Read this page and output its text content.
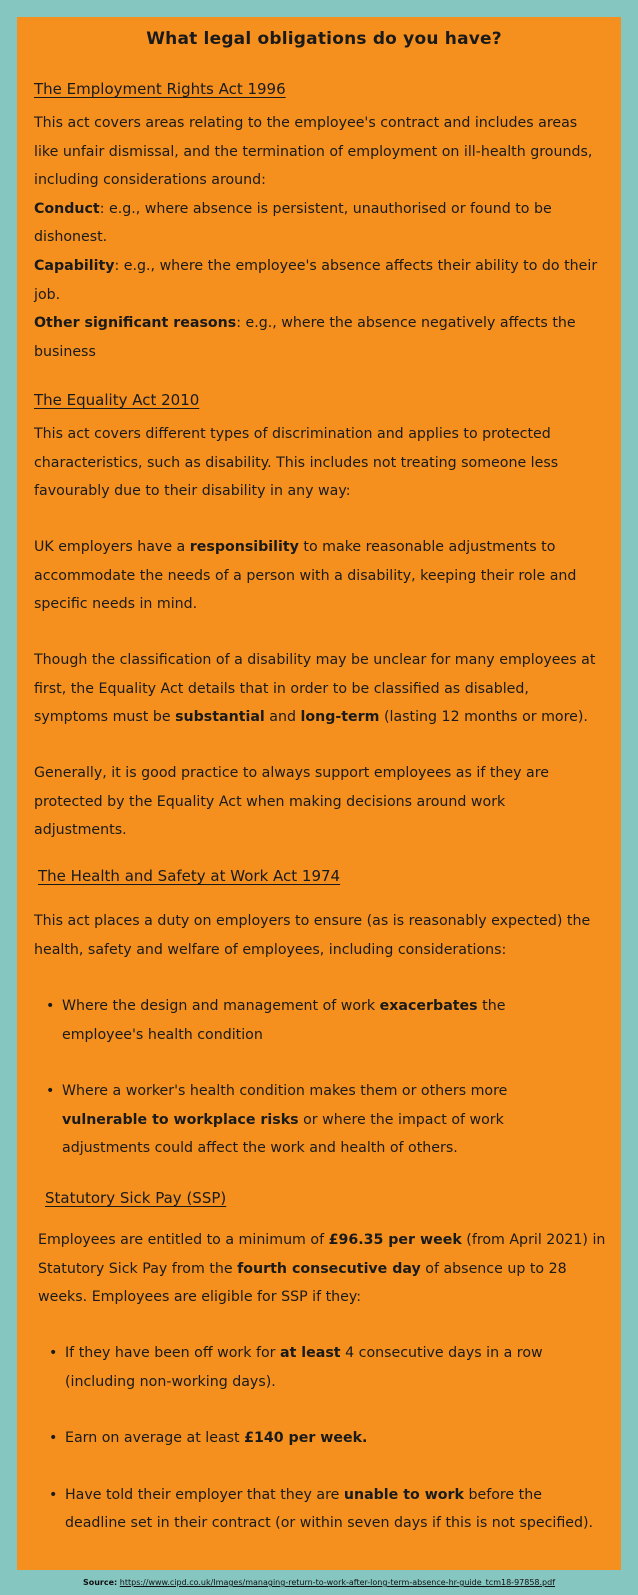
What legal obligations do you have?
The Employment Rights Act 1996

This act covers areas relating to the employee's contract and includes areas like unfair dismissal, and the termination of employment on ill-health grounds, including considerations around:
Conduct: e.g., where absence is persistent, unauthorised or found to be dishonest.
Capability: e.g., where the employee's absence affects their ability to do their job.
Other significant reasons: e.g., where the absence negatively affects the business

The Equality Act 2010

This act covers different types of discrimination and applies to protected characteristics, such as disability. This includes not treating someone less favourably due to their disability in any way:

UK employers have a responsibility to make reasonable adjustments to accommodate the needs of a person with a disability, keeping their role and specific needs in mind.

Though the classification of a disability may be unclear for many employees at first, the Equality Act details that in order to be classified as disabled, symptoms must be substantial and long-term (lasting 12 months or more).

Generally, it is good practice to always support employees as if they are protected by the Equality Act when making decisions around work adjustments.

The Health and Safety at Work Act 1974

This act places a duty on employers to ensure (as is reasonably expected) the health, safety and welfare of employees, including considerations:

• Where the design and management of work exacerbates the employee's health condition
• Where a worker's health condition makes them or others more vulnerable to workplace risks or where the impact of work adjustments could affect the work and health of others.
Statutory Sick Pay (SSP)

Employees are entitled to a minimum of £96.35 per week (from April 2021) in Statutory Sick Pay from the fourth consecutive day of absence up to 28 weeks. Employees are eligible for SSP if they:

• If they have been off work for at least 4 consecutive days in a row (including non-working days).
• Earn on average at least £140 per week.
• Have told their employer that they are unable to work before the deadline set in their contract (or within seven days if this is not specified).
Source: https://www.cipd.co.uk/Images/managing-return-to-work-after-long-term-absence-hr-guide_tcm18-97858.pdf
